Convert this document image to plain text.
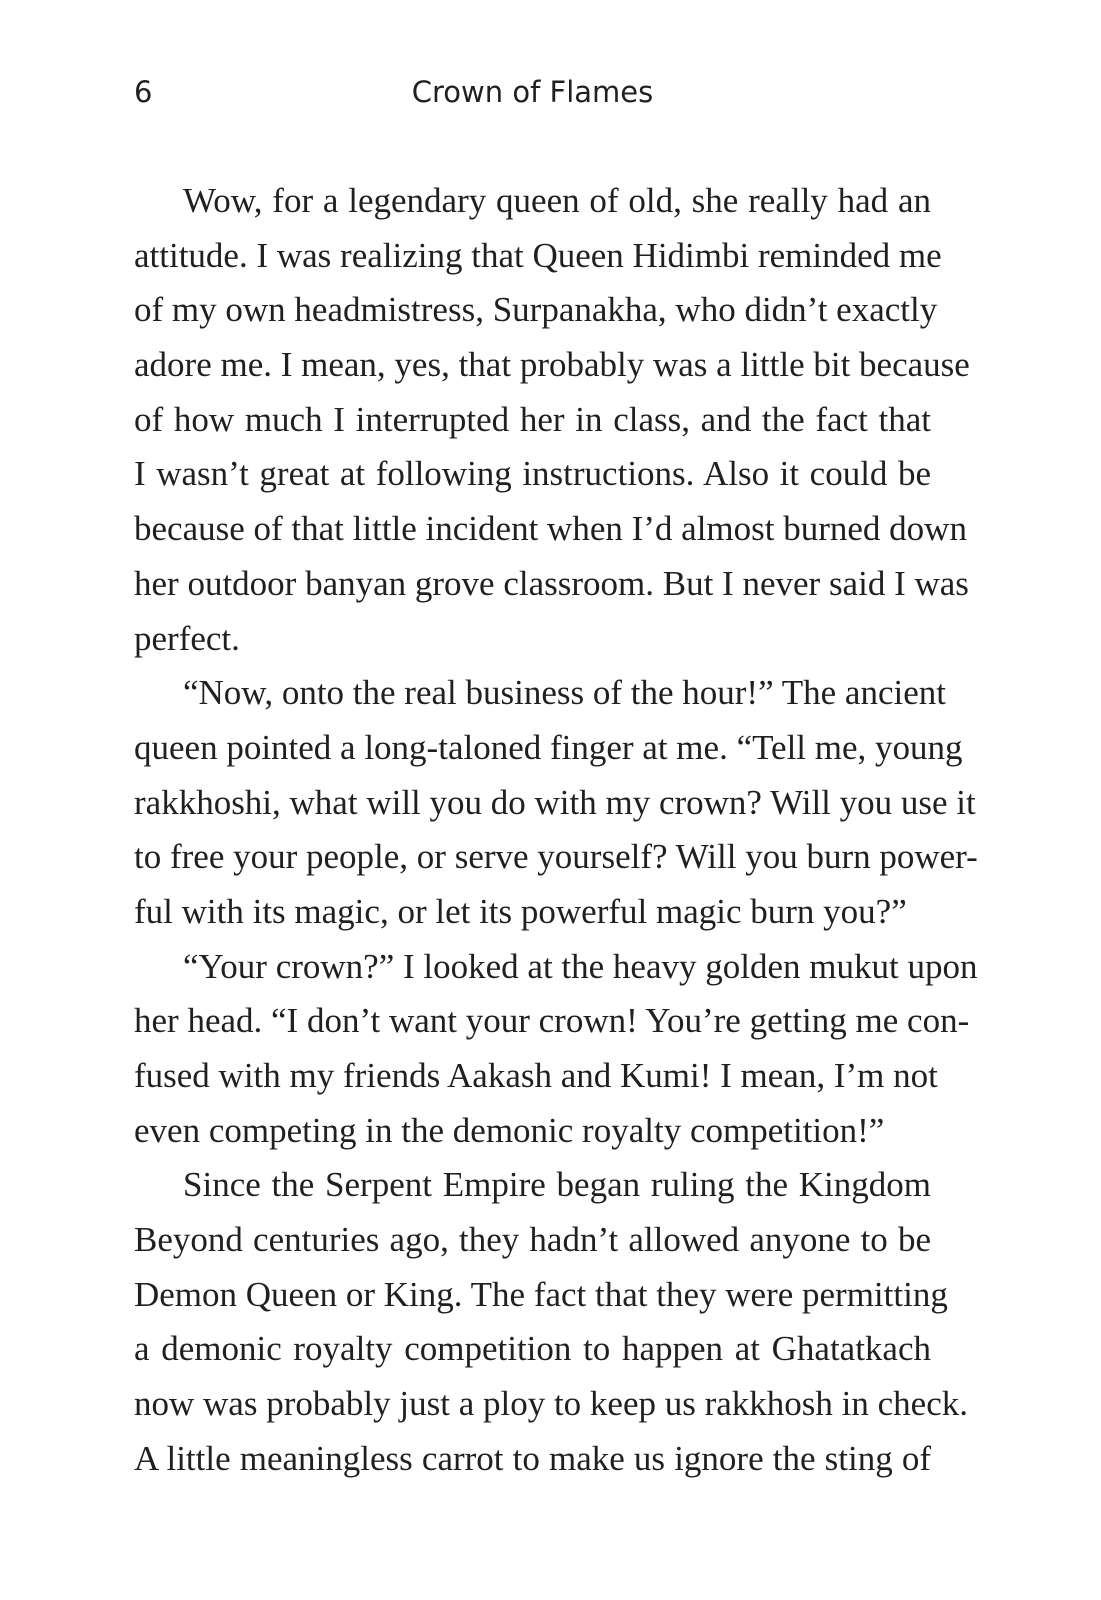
6	Crown of Flames
Wow, for a legendary queen of old, she really had an
attitude. I was realizing that Queen Hidimbi reminded me
of my own headmistress, Surpanakha, who didn’t exactly
adore me. I mean, yes, that probably was a little bit because
of how much I interrupted her in class, and the fact that
I wasn’t great at following instructions. Also it could be
because of that little incident when I’d almost burned down
her outdoor banyan grove classroom. But I never said I was
perfect.
“Now, onto the real business of the hour!” The ancient
queen pointed a long-taloned finger at me. “Tell me, young
rakkhoshi, what will you do with my crown? Will you use it
to free your people, or serve yourself? Will you burn power-
ful with its magic, or let its powerful magic burn you?”
“Your crown?” I looked at the heavy golden mukut upon
her head. “I don’t want your crown! You’re getting me con-
fused with my friends Aakash and Kumi! I mean, I’m not
even competing in the demonic royalty competition!”
Since the Serpent Empire began ruling the Kingdom
Beyond centuries ago, they hadn’t allowed anyone to be
Demon Queen or King. The fact that they were permitting
a demonic royalty competition to happen at Ghatatkach
now was probably just a ploy to keep us rakkhosh in check.
A little meaningless carrot to make us ignore the sting of
